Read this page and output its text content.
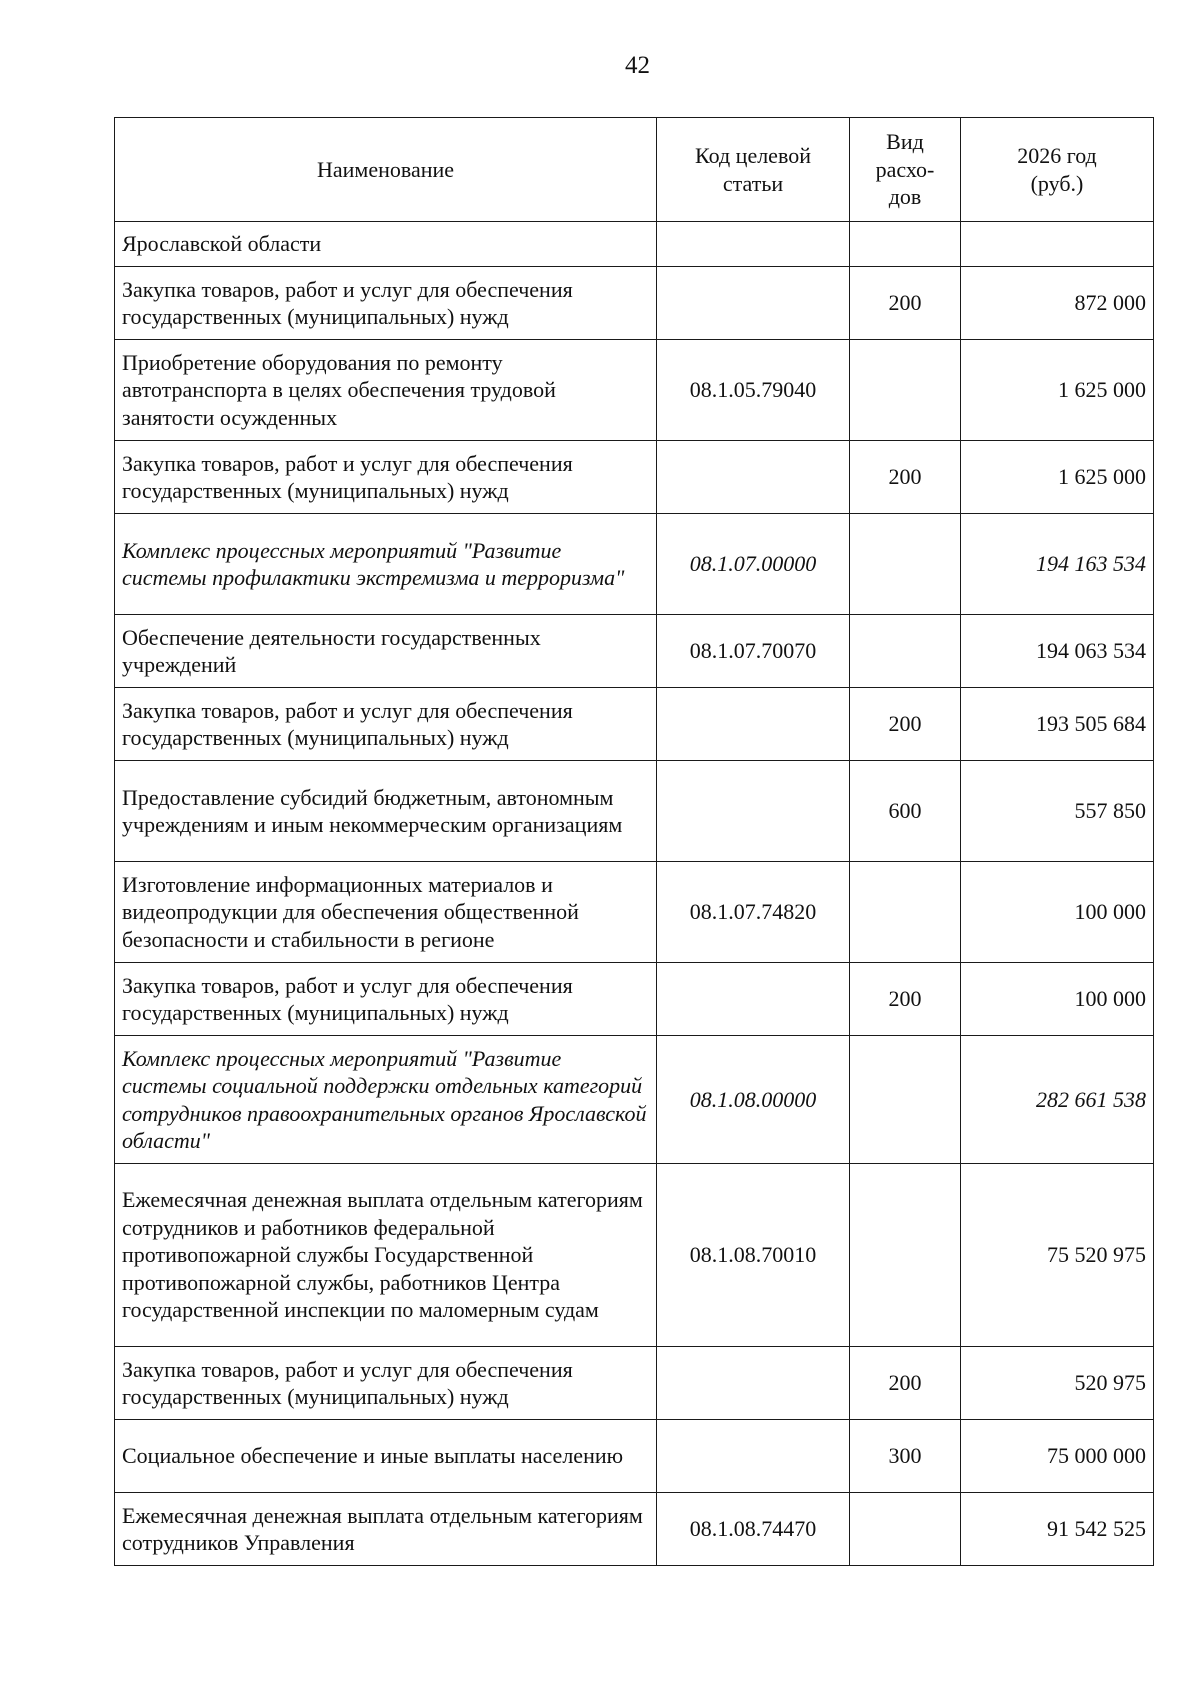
42
Наименование	Код целевой статьи	Вид расхо-дов	2026 год (руб.)
Ярославской области			
Закупка товаров, работ и услуг для обеспечения государственных (муниципальных) нужд		200	872 000
Приобретение оборудования по ремонту автотранспорта в целях обеспечения трудовой занятости осужденных	08.1.05.79040		1 625 000
Закупка товаров, работ и услуг для обеспечения государственных (муниципальных) нужд		200	1 625 000
Комплекс процессных мероприятий "Развитие системы профилактики экстремизма и терроризма"	08.1.07.00000		194 163 534
Обеспечение деятельности государственных учреждений	08.1.07.70070		194 063 534
Закупка товаров, работ и услуг для обеспечения государственных (муниципальных) нужд		200	193 505 684
Предоставление субсидий бюджетным, автономным учреждениям и иным некоммерческим организациям		600	557 850
Изготовление информационных материалов и видеопродукции для обеспечения общественной безопасности и стабильности в регионе	08.1.07.74820		100 000
Закупка товаров, работ и услуг для обеспечения государственных (муниципальных) нужд		200	100 000
Комплекс процессных мероприятий "Развитие системы социальной поддержки отдельных категорий сотрудников правоохранительных органов Ярославской области"	08.1.08.00000		282 661 538
Ежемесячная денежная выплата отдельным категориям сотрудников и работников федеральной противопожарной службы Государственной противопожарной службы, работников Центра государственной инспекции по маломерным судам	08.1.08.70010		75 520 975
Закупка товаров, работ и услуг для обеспечения государственных (муниципальных) нужд		200	520 975
Социальное обеспечение и иные выплаты населению		300	75 000 000
Ежемесячная денежная выплата отдельным категориям сотрудников Управления	08.1.08.74470		91 542 525
